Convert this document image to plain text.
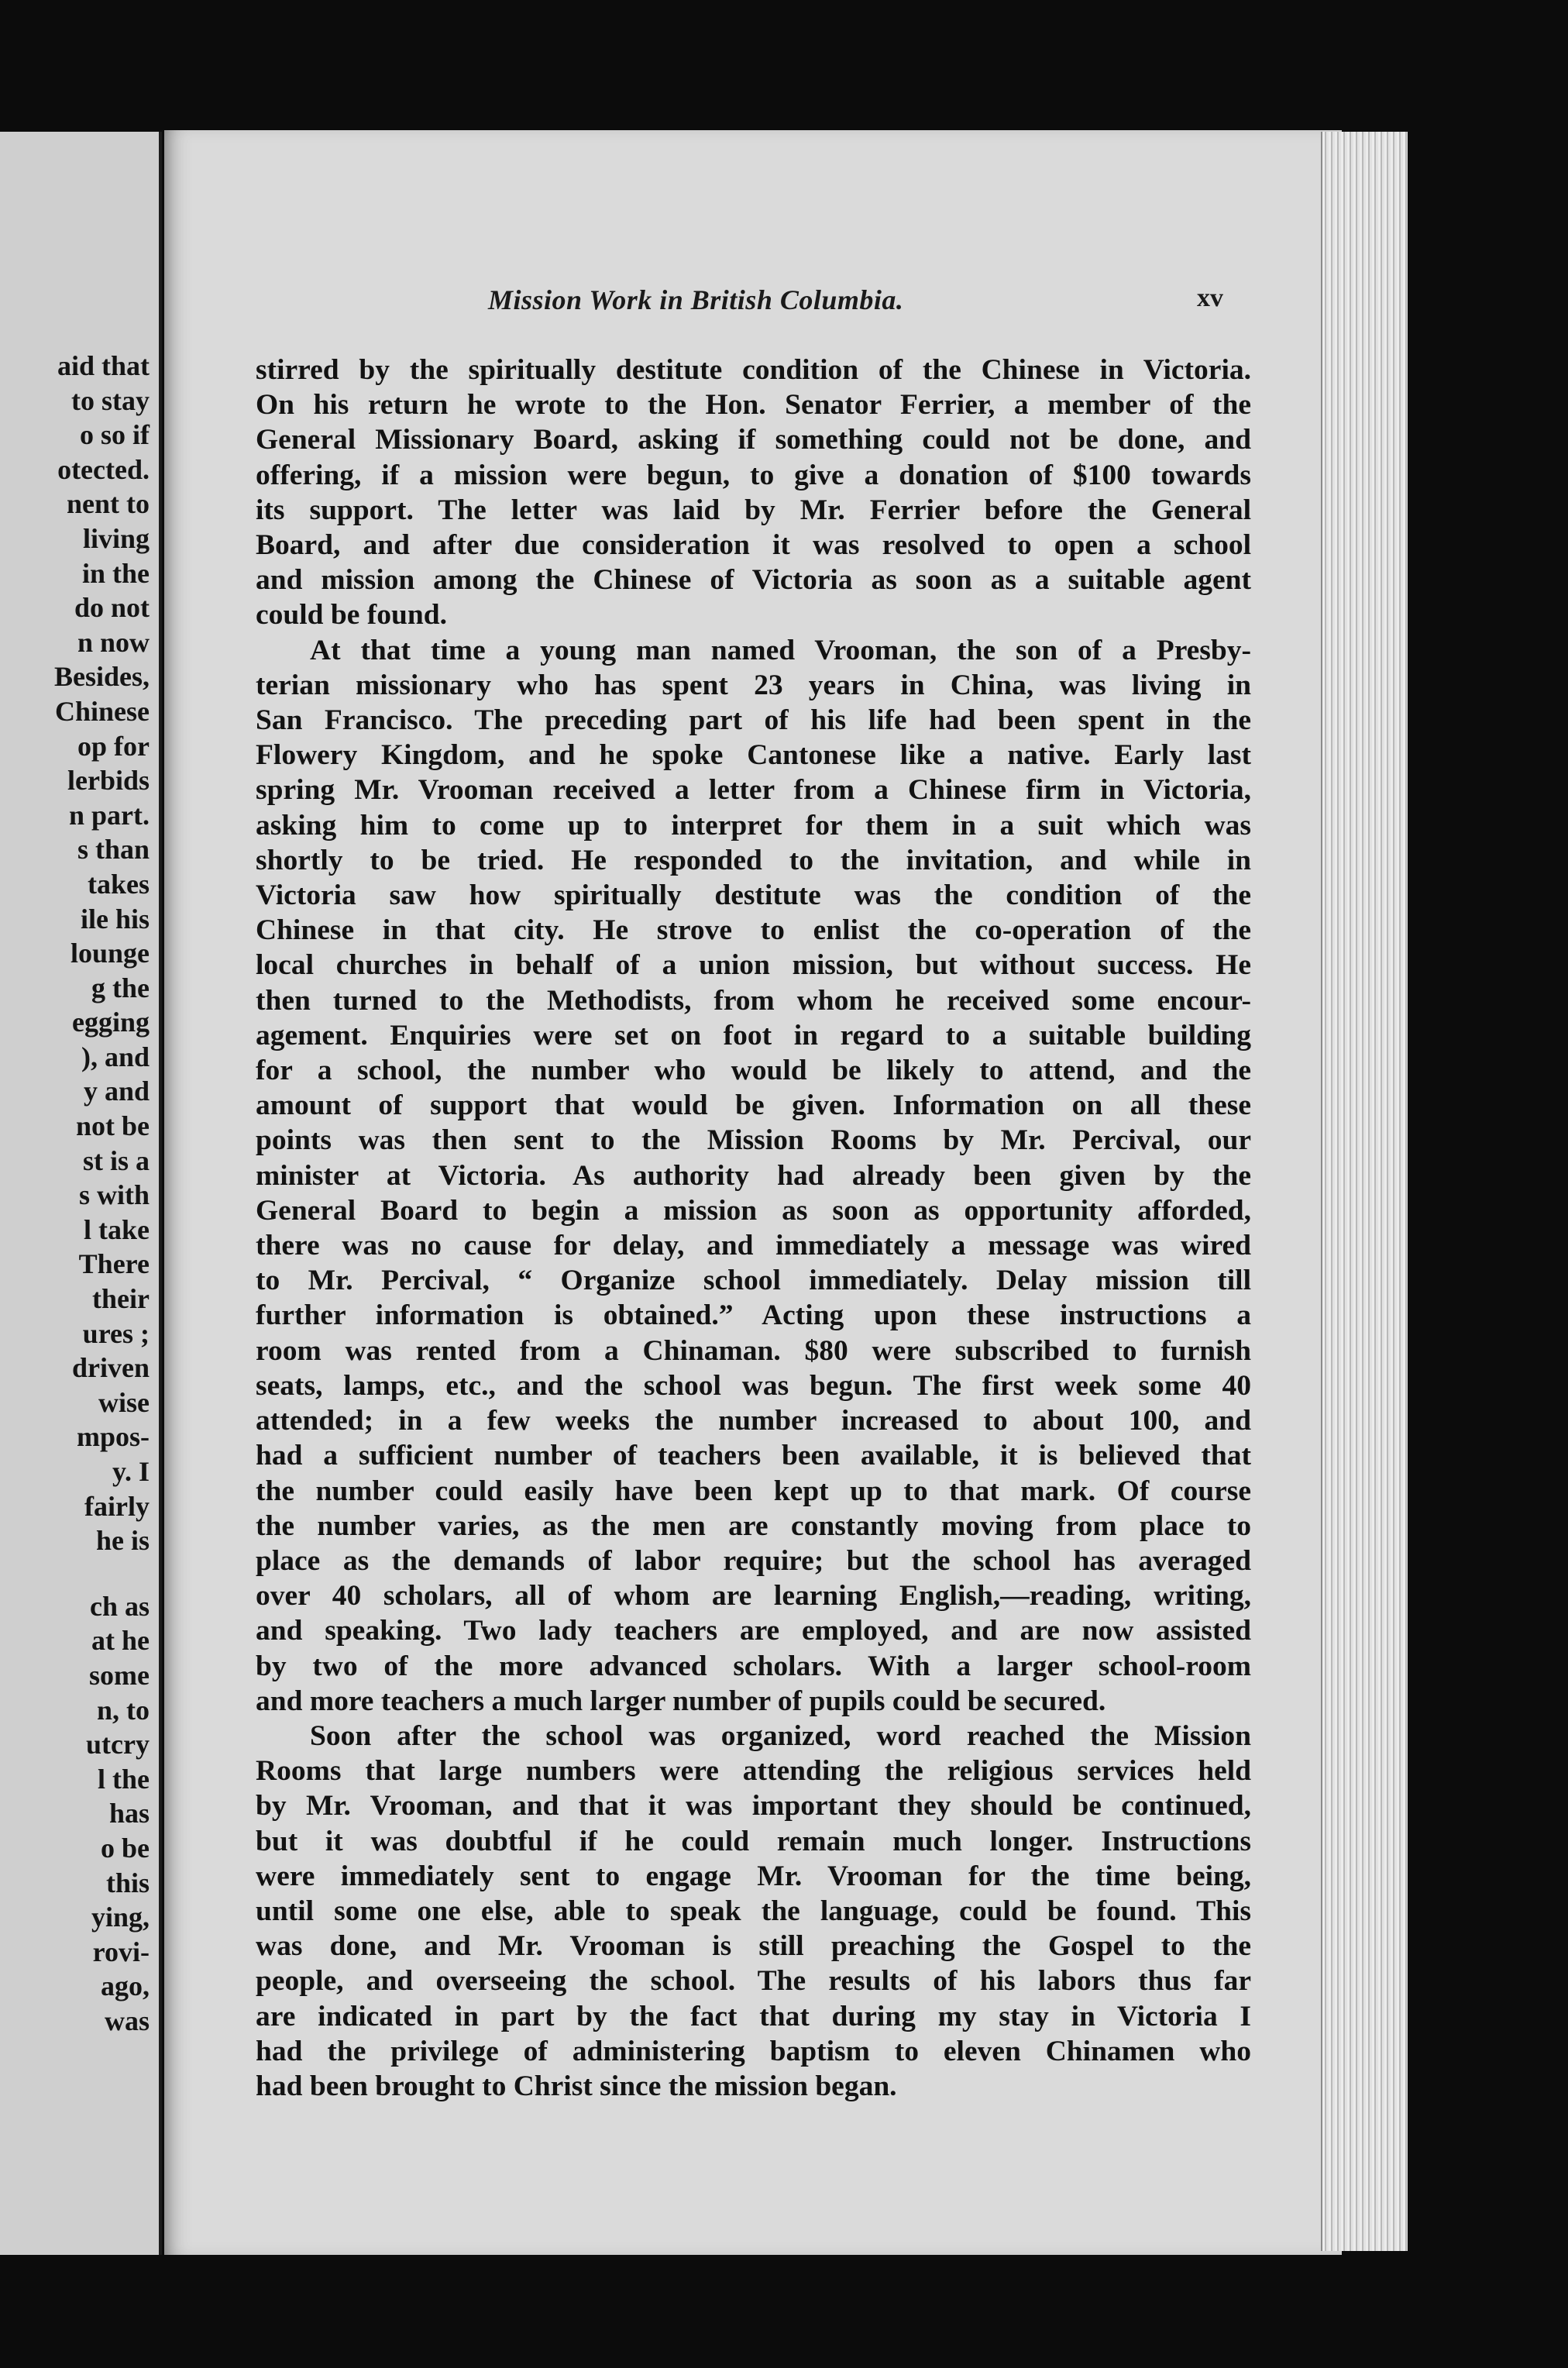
aid that
to stay
o so if
otected.
nent to
living
in the
do not
n now
Besides,
Chinese
op for
lerbids
n part.
s than
takes
ile his
lounge
g the
egging
), and
y and
not be
st is a
s with
l take
There
their
ures ;
driven
wise
mpos-
y. I
fairly
he is
ch as
at he
some
n, to
utcry
l the
has
o be
this
ying,
rovi-
ago,
was
Mission Work in British Columbia.	xv
stirred by the spiritually destitute condition of the Chinese in Victoria.
On his return he wrote to the Hon. Senator Ferrier, a member of the
General Missionary Board, asking if something could not be done, and
offering, if a mission were begun, to give a donation of $100 towards
its support. The letter was laid by Mr. Ferrier before the General
Board, and after due consideration it was resolved to open a school
and mission among the Chinese of Victoria as soon as a suitable agent
could be found.
At that time a young man named Vrooman, the son of a Presby-
terian missionary who has spent 23 years in China, was living in
San Francisco. The preceding part of his life had been spent in the
Flowery Kingdom, and he spoke Cantonese like a native. Early last
spring Mr. Vrooman received a letter from a Chinese firm in Victoria,
asking him to come up to interpret for them in a suit which was
shortly to be tried. He responded to the invitation, and while in
Victoria saw how spiritually destitute was the condition of the
Chinese in that city. He strove to enlist the co-operation of the
local churches in behalf of a union mission, but without success. He
then turned to the Methodists, from whom he received some encour-
agement. Enquiries were set on foot in regard to a suitable building
for a school, the number who would be likely to attend, and the
amount of support that would be given. Information on all these
points was then sent to the Mission Rooms by Mr. Percival, our
minister at Victoria. As authority had already been given by the
General Board to begin a mission as soon as opportunity afforded,
there was no cause for delay, and immediately a message was wired
to Mr. Percival, “ Organize school immediately. Delay mission till
further information is obtained.” Acting upon these instructions a
room was rented from a Chinaman. $80 were subscribed to furnish
seats, lamps, etc., and the school was begun. The first week some 40
attended; in a few weeks the number increased to about 100, and
had a sufficient number of teachers been available, it is believed that
the number could easily have been kept up to that mark. Of course
the number varies, as the men are constantly moving from place to
place as the demands of labor require; but the school has averaged
over 40 scholars, all of whom are learning English,—reading, writing,
and speaking. Two lady teachers are employed, and are now assisted
by two of the more advanced scholars. With a larger school-room
and more teachers a much larger number of pupils could be secured.
Soon after the school was organized, word reached the Mission
Rooms that large numbers were attending the religious services held
by Mr. Vrooman, and that it was important they should be continued,
but it was doubtful if he could remain much longer. Instructions
were immediately sent to engage Mr. Vrooman for the time being,
until some one else, able to speak the language, could be found. This
was done, and Mr. Vrooman is still preaching the Gospel to the
people, and overseeing the school. The results of his labors thus far
are indicated in part by the fact that during my stay in Victoria I
had the privilege of administering baptism to eleven Chinamen who
had been brought to Christ since the mission began.
